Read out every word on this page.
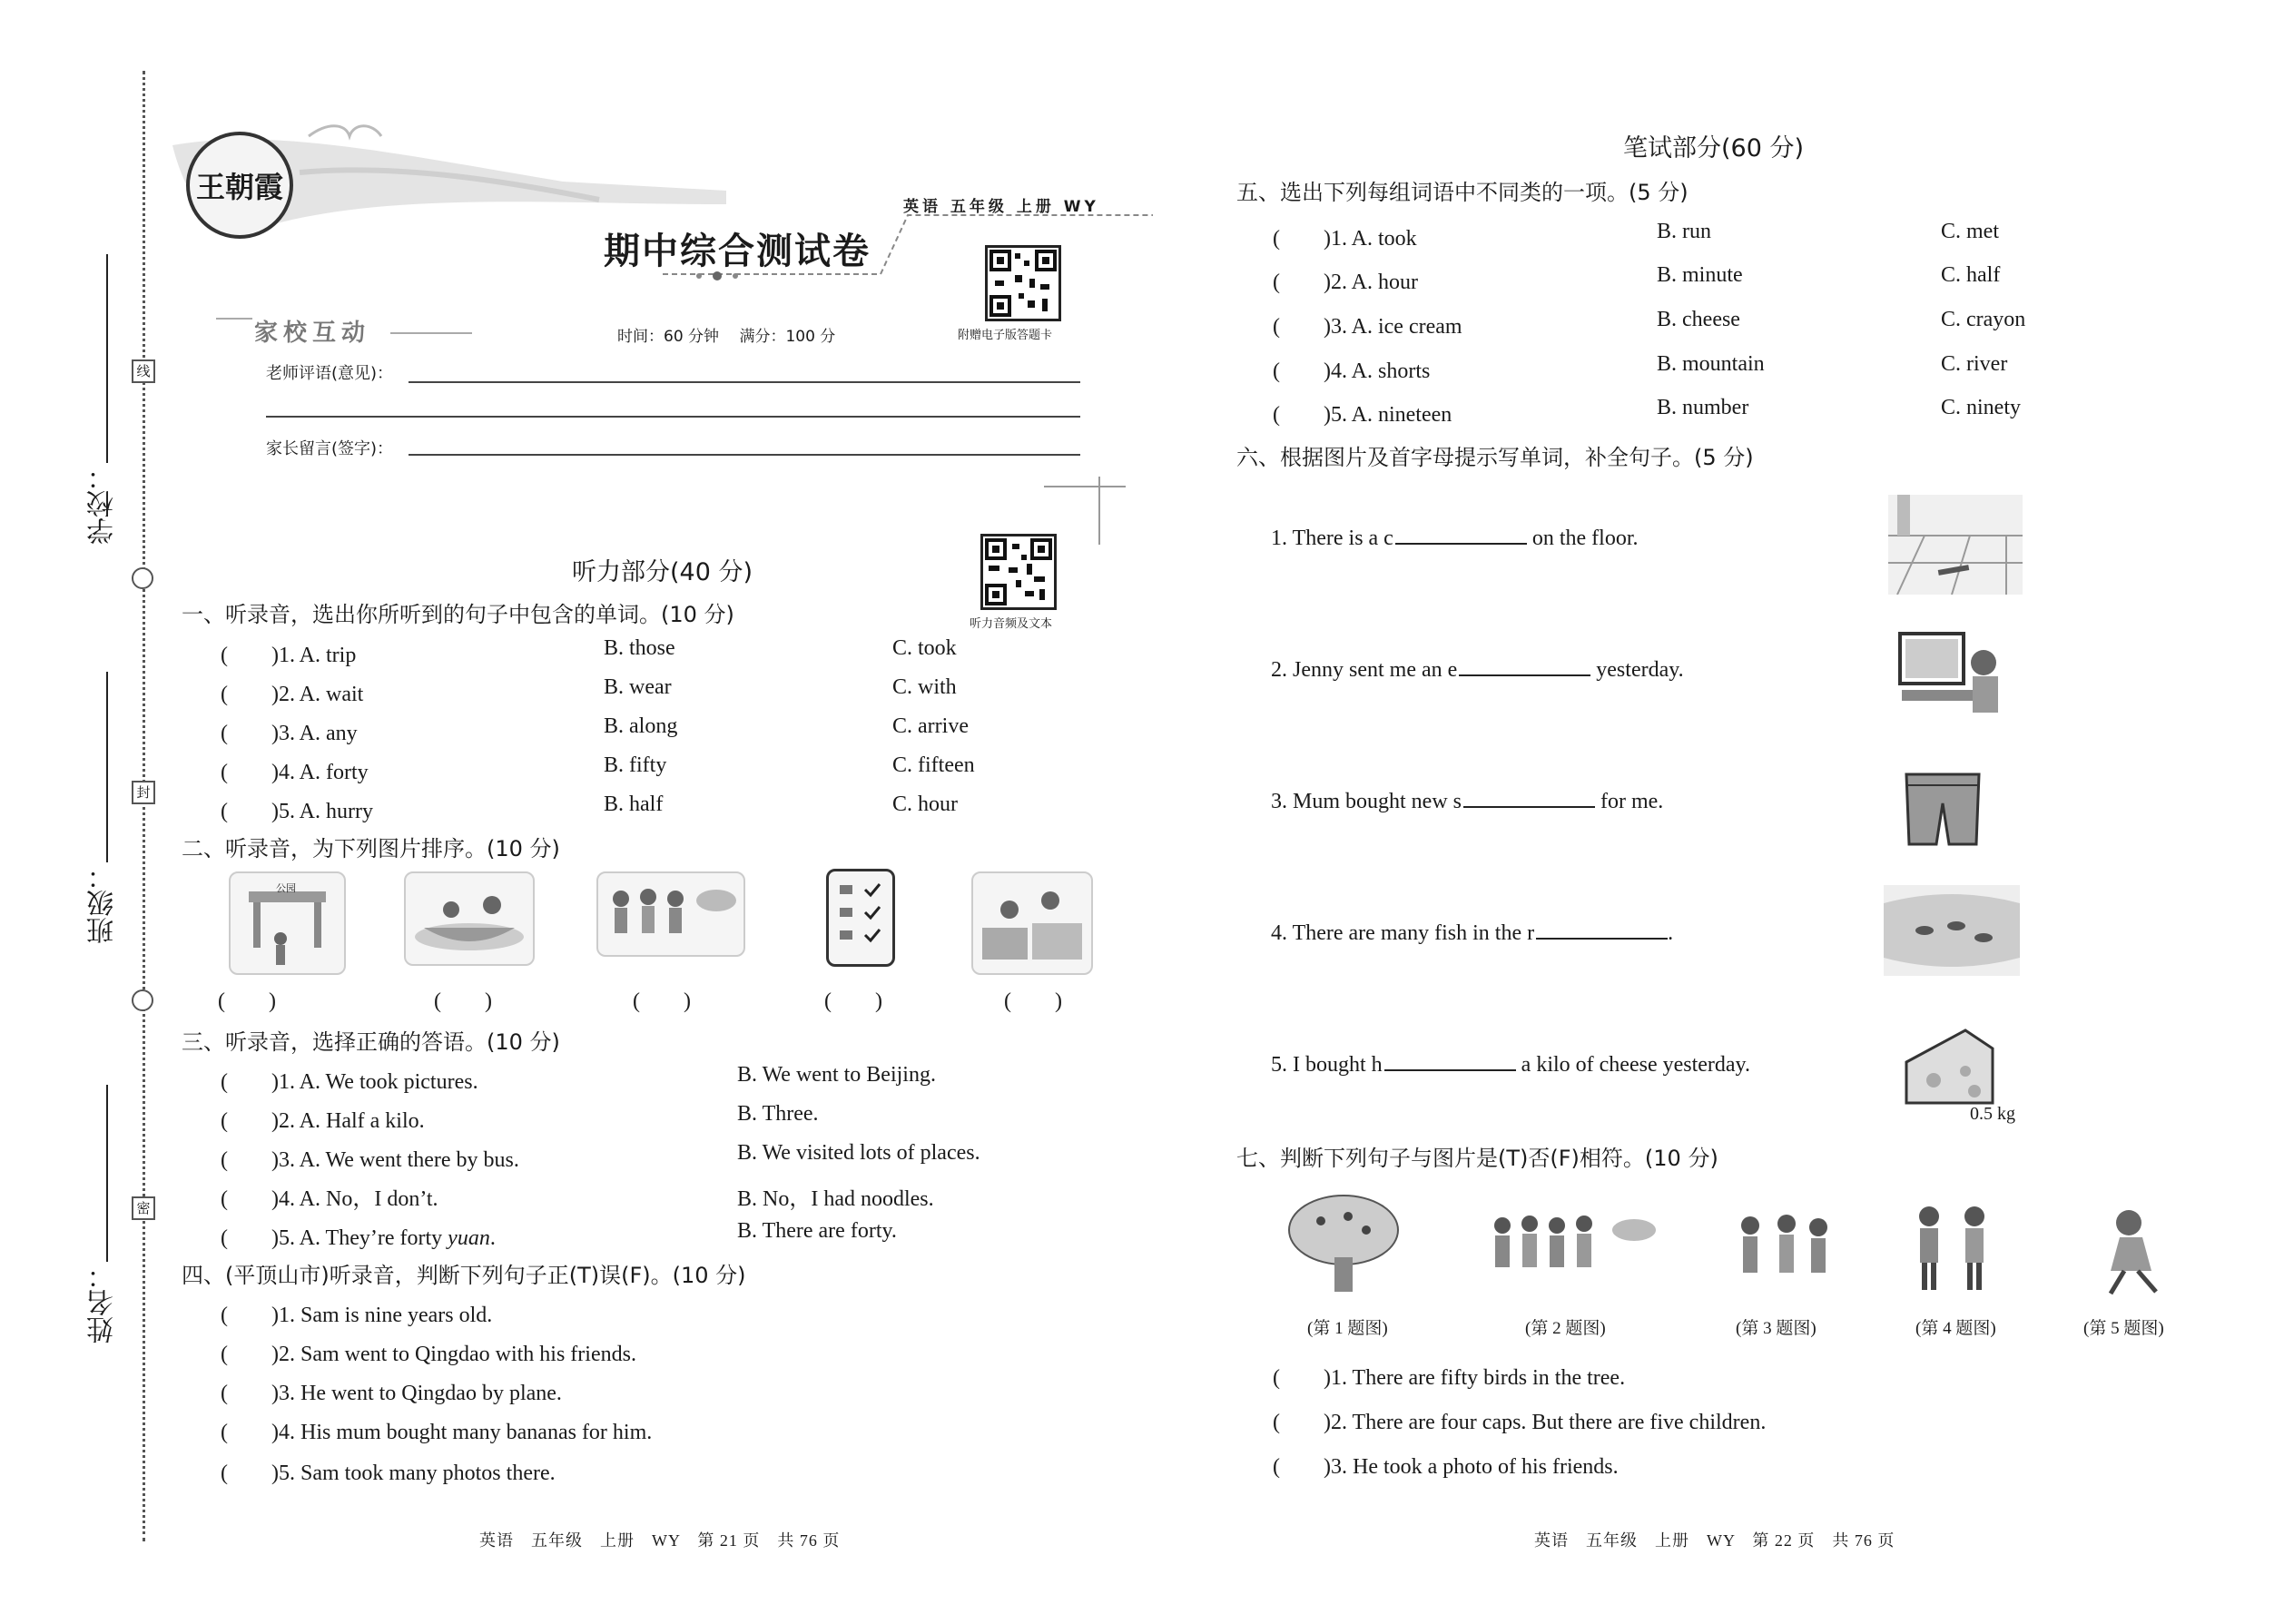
学校：
班级：
姓名：
线
封
密
王朝霞
英语 五年级 上册 WY
期中综合测试卷
家校互动	时间：60 分钟　 满分：100 分	附赠电子版答题卡
老师评语(意见)：
家长留言(签字)：
听力部分(40 分)
听力音频及文本
一、听录音，选出你所听到的句子中包含的单词。(10 分)
(　　)1. A. trip	B. those	C. took
(　　)2. A. wait	B. wear	C. with
(　　)3. A. any	B. along	C. arrive
(　　)4. A. forty	B. fifty	C. fifteen
(　　)5. A. hurry	B. half	C. hour
二、听录音，为下列图片排序。(10 分)
公园
(　　)	(　　)	(　　)	(　　)	(　　)
三、听录音，选择正确的答语。(10 分)
(　　)1. A. We took pictures.	B. We went to Beijing.
(　　)2. A. Half a kilo.	B. Three.
(　　)3. A. We went there by bus.	B. We visited lots of places.
(　　)4. A. No，I don’t.	B. No，I had noodles.
(　　)5. A. They’re forty yuan.	B. There are forty.
四、(平顶山市)听录音，判断下列句子正(T)误(F)。(10 分)
(　　)1. Sam is nine years old.
(　　)2. Sam went to Qingdao with his friends.
(　　)3. He went to Qingdao by plane.
(　　)4. His mum bought many bananas for him.
(　　)5. Sam took many photos there.
英语　五年级　上册　WY　第 21 页　共 76 页
笔试部分(60 分)
五、选出下列每组词语中不同类的一项。(5 分)
(　　)1. A. took	B. run	C. met
(　　)2. A. hour	B. minute	C. half
(　　)3. A. ice cream	B. cheese	C. crayon
(　　)4. A. shorts	B. mountain	C. river
(　　)5. A. nineteen	B. number	C. ninety
六、根据图片及首字母提示写单词，补全句子。(5 分)
1. There is a c	on the floor.
2. Jenny sent me an e	yesterday.
3. Mum bought new s	for me.
4. There are many fish in the r	.
5. I bought h	a kilo of cheese yesterday.
0.5 kg
七、判断下列句子与图片是(T)否(F)相符。(10 分)
(第 1 题图)	(第 2 题图)	(第 3 题图)	(第 4 题图)	(第 5 题图)
(　　)1. There are fifty birds in the tree.
(　　)2. There are four caps. But there are five children.
(　　)3. He took a photo of his friends.
英语　五年级　上册　WY　第 22 页　共 76 页
